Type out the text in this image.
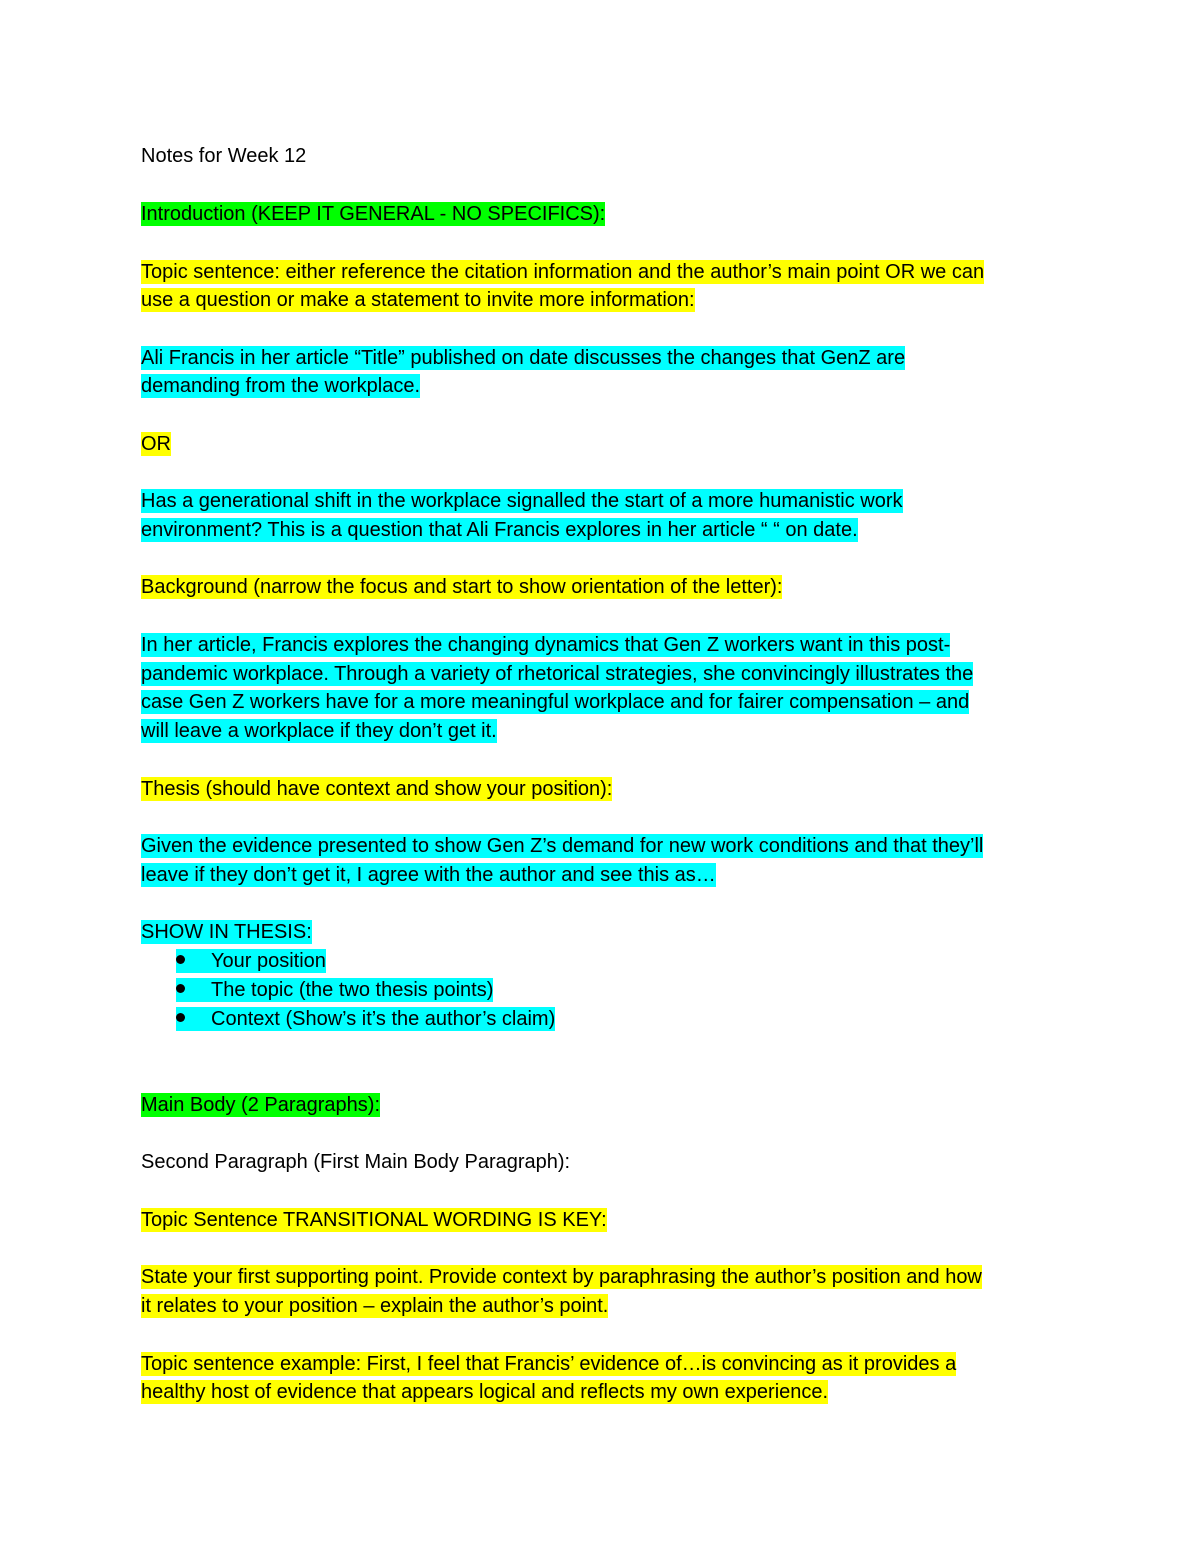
Notes for Week 12

Introduction (KEEP IT GENERAL - NO SPECIFICS):

Topic sentence: either reference the citation information and the author’s main point OR we can

use a question or make a statement to invite more information:

Ali Francis in her article “Title” published on date discusses the changes that GenZ are

demanding from the workplace.

OR

Has a generational shift in the workplace signalled the start of a more humanistic work

environment? This is a question that Ali Francis explores in her article “ “ on date.

Background (narrow the focus and start to show orientation of the letter):

In her article, Francis explores the changing dynamics that Gen Z workers want in this post-

pandemic workplace. Through a variety of rhetorical strategies, she convincingly illustrates the

case Gen Z workers have for a more meaningful workplace and for fairer compensation – and

will leave a workplace if they don’t get it.

Thesis (should have context and show your position):

Given the evidence presented to show Gen Z’s demand for new work conditions and that they’ll

leave if they don’t get it, I agree with the author and see this as…

SHOW IN THESIS:

Your position
The topic (the two thesis points)
Context (Show’s it’s the author’s claim)

Main Body (2 Paragraphs):

Second Paragraph (First Main Body Paragraph):

Topic Sentence TRANSITIONAL WORDING IS KEY:

State your first supporting point. Provide context by paraphrasing the author’s position and how

it relates to your position – explain the author’s point.

Topic sentence example: First, I feel that Francis’ evidence of…is convincing as it provides a

healthy host of evidence that appears logical and reflects my own experience.
